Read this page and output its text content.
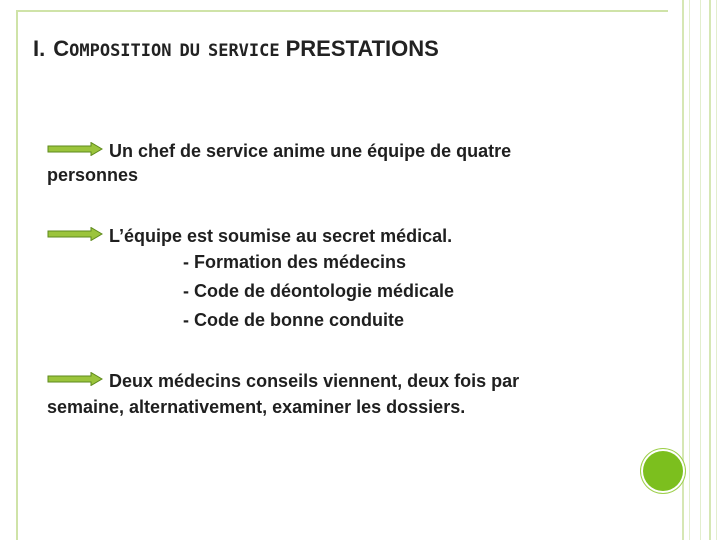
I. COMPOSITION DU SERVICE PRESTATIONS
Un chef de service anime une équipe de quatre
personnes
L’équipe est soumise au secret médical.
- Formation des médecins
- Code de déontologie médicale
- Code de bonne conduite
Deux médecins conseils viennent, deux fois par
semaine, alternativement, examiner les dossiers.
